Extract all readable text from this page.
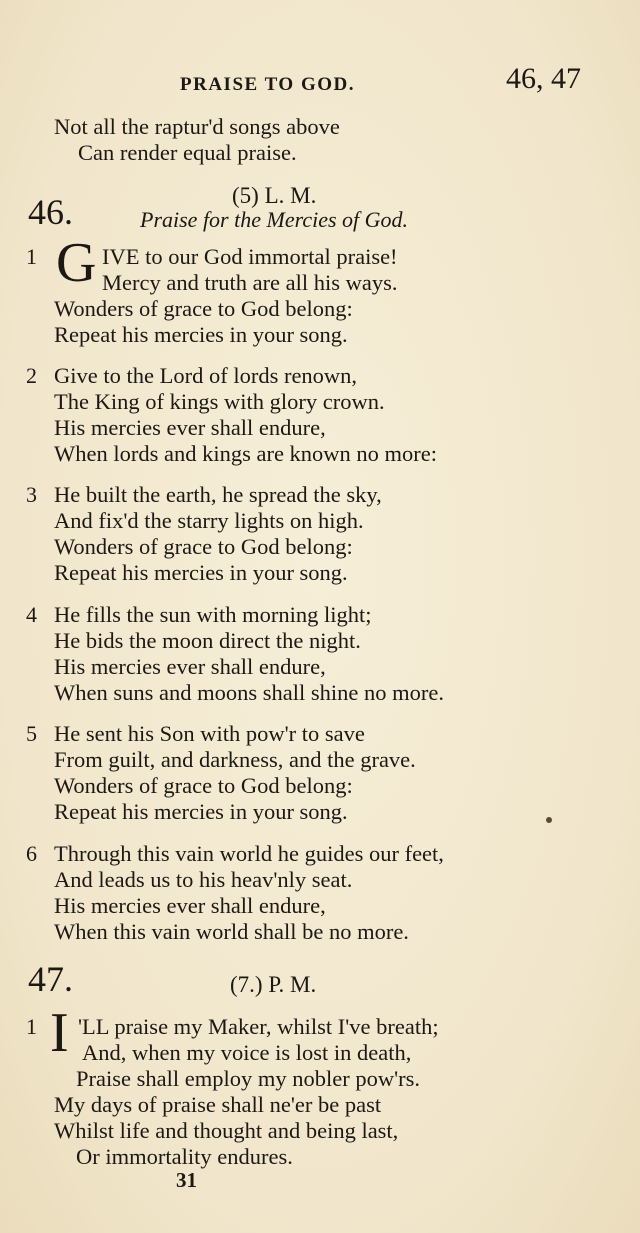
PRAISE TO GOD.	46, 47
Not all the raptur'd songs above
Can render equal praise.
46.	(5) L. M.
Praise for the Mercies of God.
1 G IVE to our God immortal praise!
Mercy and truth are all his ways.
Wonders of grace to God belong:
Repeat his mercies in your song.
2 Give to the Lord of lords renown,
The King of kings with glory crown.
His mercies ever shall endure,
When lords and kings are known no more:
3 He built the earth, he spread the sky,
And fix'd the starry lights on high.
Wonders of grace to God belong:
Repeat his mercies in your song.
4 He fills the sun with morning light;
He bids the moon direct the night.
His mercies ever shall endure,
When suns and moons shall shine no more.
5 He sent his Son with pow'r to save
From guilt, and darkness, and the grave.
Wonders of grace to God belong:
Repeat his mercies in your song.
6 Through this vain world he guides our feet,
And leads us to his heav'nly seat.
His mercies ever shall endure,
When this vain world shall be no more.
47.	(7.) P. M.
1 I 'LL praise my Maker, whilst I've breath;
And, when my voice is lost in death,
Praise shall employ my nobler pow'rs.
My days of praise shall ne'er be past
Whilst life and thought and being last,
Or immortality endures.
31
